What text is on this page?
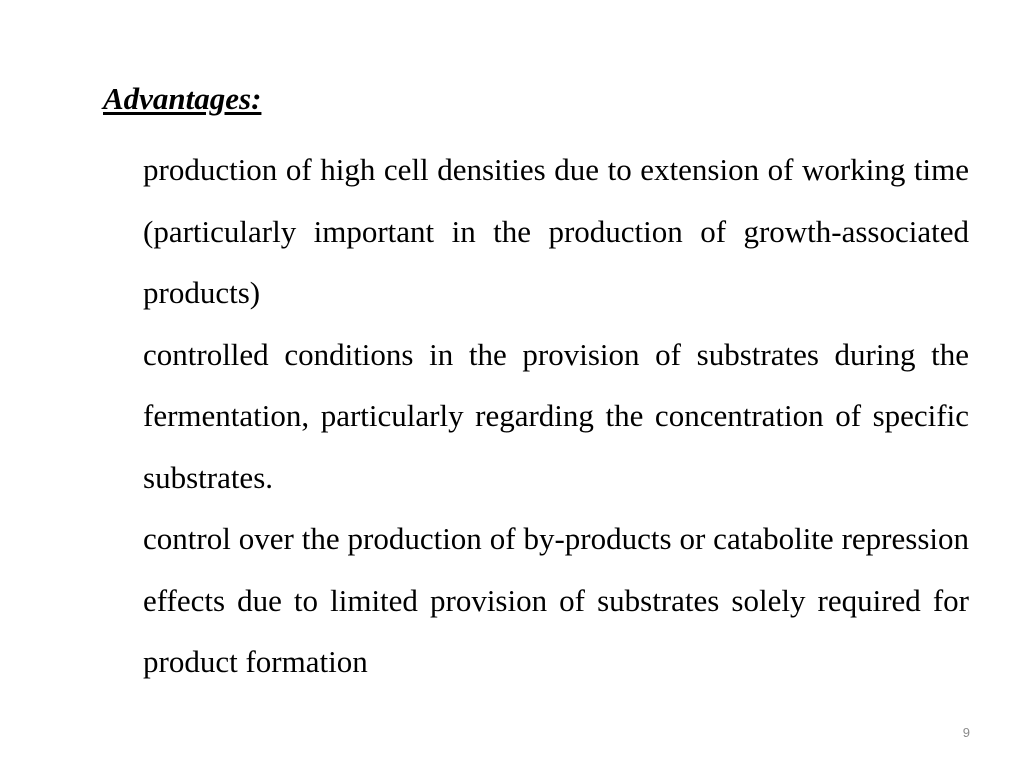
Advantages:
production of high cell densities due to extension of working time (particularly important in the production of growth-associated products)
controlled conditions in the provision of substrates during the fermentation, particularly regarding the concentration of specific substrates.
control over the production of by-products or catabolite repression effects due to limited provision of substrates solely required for product formation
9
